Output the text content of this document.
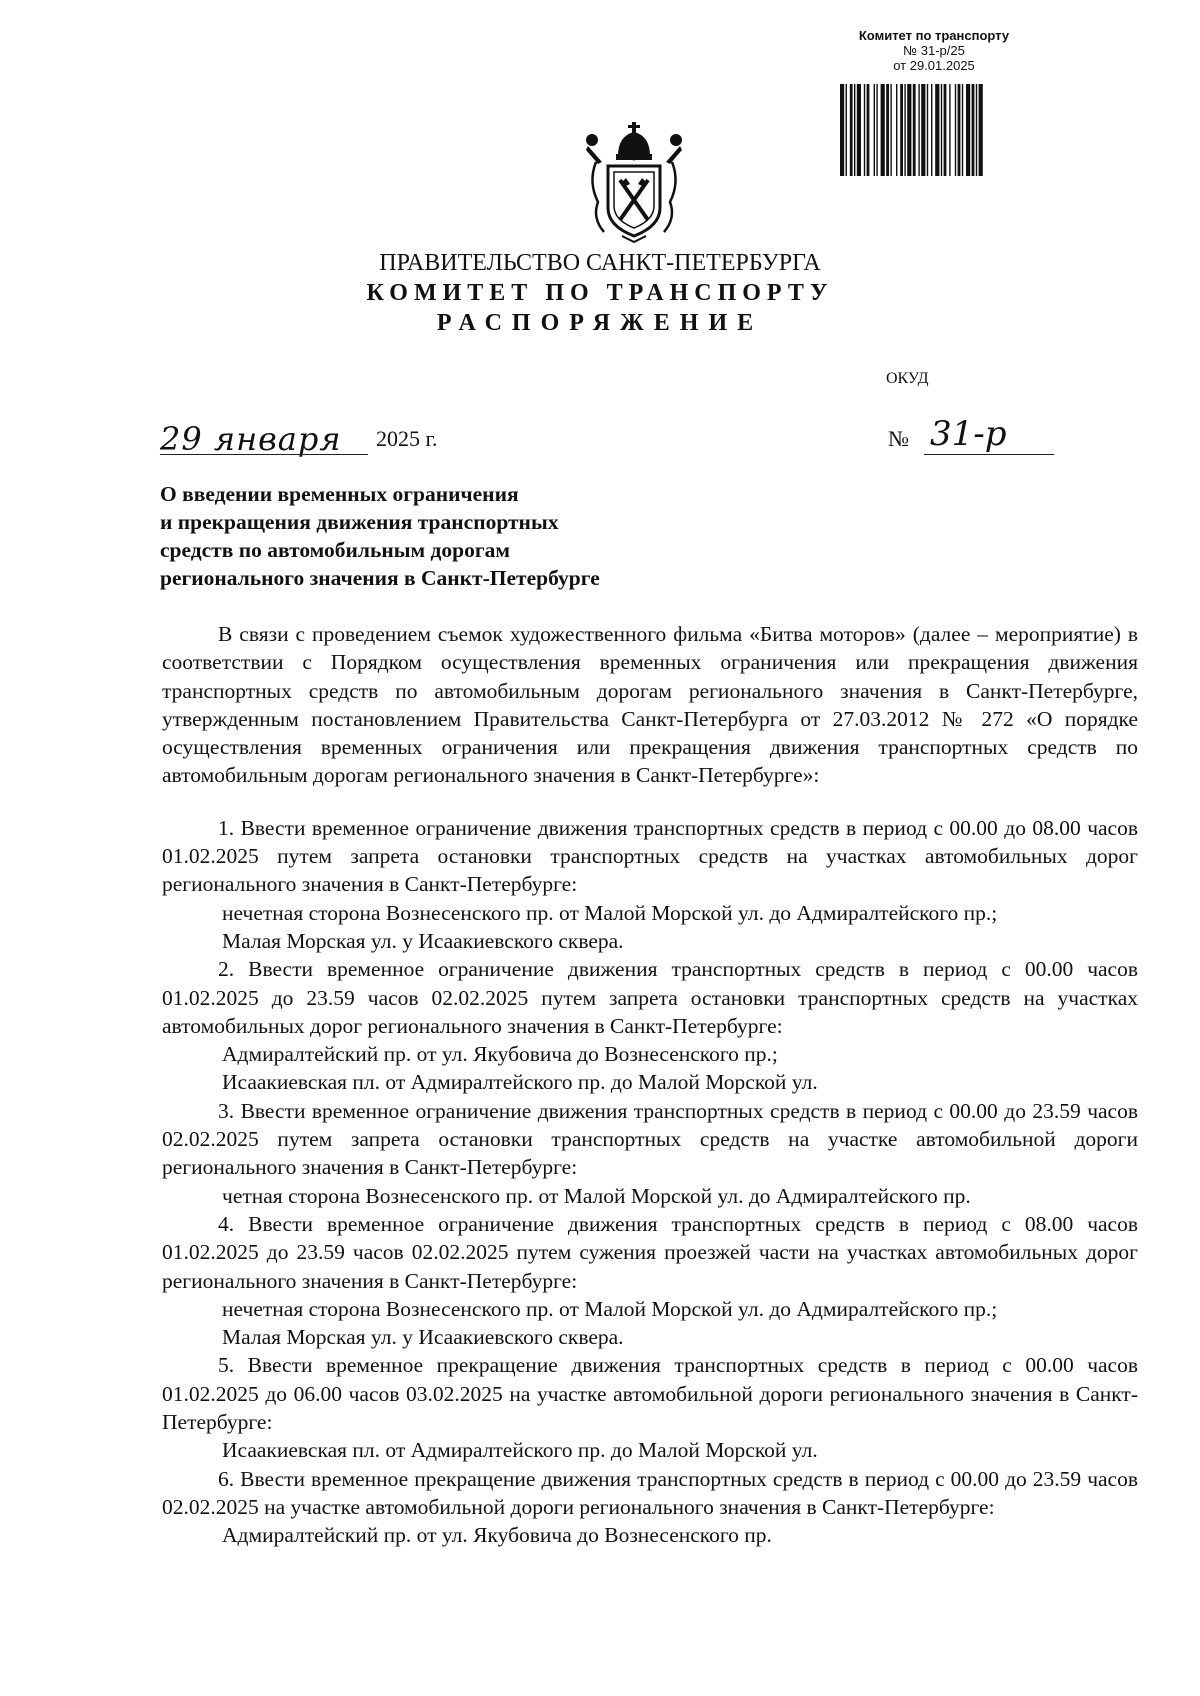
Комитет по транспорту
№ 31-р/25
от 29.01.2025
ПРАВИТЕЛЬСТВО САНКТ-ПЕТЕРБУРГА
КОМИТЕТ ПО ТРАНСПОРТУ
РАСПОРЯЖЕНИЕ
ОКУД
29 января 2025 г.	№ 31-р
О введении временных ограничения
и прекращения движения транспортных
средств по автомобильным дорогам
регионального значения в Санкт-Петербурге

В связи с проведением съемок художественного фильма «Битва моторов» (далее – мероприятие) в соответствии с Порядком осуществления временных ограничения или прекращения движения транспортных средств по автомобильным дорогам регионального значения в Санкт-Петербурге, утвержденным постановлением Правительства Санкт-Петербурга от 27.03.2012 № 272 «О порядке осуществления временных ограничения или прекращения движения транспортных средств по автомобильным дорогам регионального значения в Санкт-Петербурге»:

1. Ввести временное ограничение движения транспортных средств в период с 00.00 до 08.00 часов 01.02.2025 путем запрета остановки транспортных средств на участках автомобильных дорог регионального значения в Санкт-Петербурге:

нечетная сторона Вознесенского пр. от Малой Морской ул. до Адмиралтейского пр.;

Малая Морская ул. у Исаакиевского сквера.

2. Ввести временное ограничение движения транспортных средств в период с 00.00 часов 01.02.2025 до 23.59 часов 02.02.2025 путем запрета остановки транспортных средств на участках автомобильных дорог регионального значения в Санкт-Петербурге:

Адмиралтейский пр. от ул. Якубовича до Вознесенского пр.;

Исаакиевская пл. от Адмиралтейского пр. до Малой Морской ул.

3. Ввести временное ограничение движения транспортных средств в период с 00.00 до 23.59 часов 02.02.2025 путем запрета остановки транспортных средств на участке автомобильной дороги регионального значения в Санкт-Петербурге:

четная сторона Вознесенского пр. от Малой Морской ул. до Адмиралтейского пр.

4. Ввести временное ограничение движения транспортных средств в период с 08.00 часов 01.02.2025 до 23.59 часов 02.02.2025 путем сужения проезжей части на участках автомобильных дорог регионального значения в Санкт-Петербурге:

нечетная сторона Вознесенского пр. от Малой Морской ул. до Адмиралтейского пр.;

Малая Морская ул. у Исаакиевского сквера.

5. Ввести временное прекращение движения транспортных средств в период с 00.00 часов 01.02.2025 до 06.00 часов 03.02.2025 на участке автомобильной дороги регионального значения в Санкт-Петербурге:

Исаакиевская пл. от Адмиралтейского пр. до Малой Морской ул.

6. Ввести временное прекращение движения транспортных средств в период с 00.00 до 23.59 часов 02.02.2025 на участке автомобильной дороги регионального значения в Санкт-Петербурге:

Адмиралтейский пр. от ул. Якубовича до Вознесенского пр.
